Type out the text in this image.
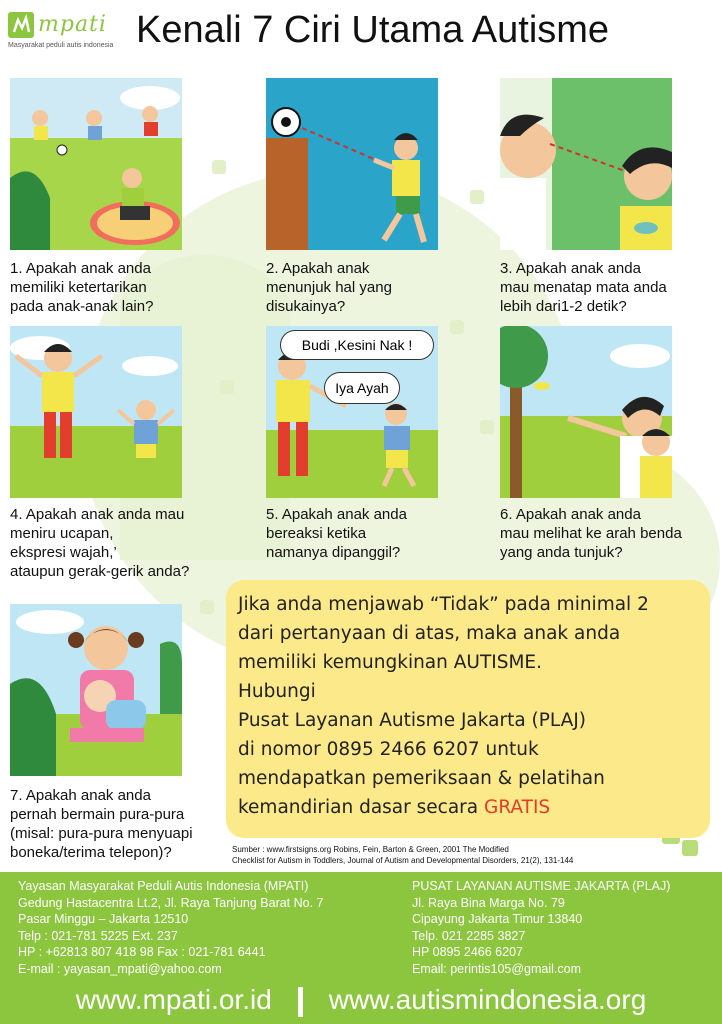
mpati
Masyarakat peduli autis indonesia Kenali 7 Ciri Utama Autisme
Budi ,Kesini Nak !
Iya Ayah
1. Apakah anak anda
memiliki ketertarikan
pada anak-anak lain?
2. Apakah anak
menunjuk hal yang
disukainya?
3. Apakah anak anda
mau menatap mata anda
lebih dari1-2 detik?
4. Apakah anak anda mau
meniru ucapan,
ekspresi wajah,’
ataupun gerak-gerik anda?
5. Apakah anak anda
bereaksi ketika
namanya dipanggil?
6. Apakah anak anda
mau melihat ke arah benda
yang anda tunjuk?
7. Apakah anak anda
pernah bermain pura-pura
(misal: pura-pura menyuapi
boneka/terima telepon)?

Jika anda menjawab “Tidak” pada minimal 2
dari pertanyaan di atas, maka anak anda
memiliki kemungkinan AUTISME.
Hubungi
Pusat Layanan Autisme Jakarta (PLAJ)
di nomor 0895 2466 6207 untuk
mendapatkan pemeriksaan & pelatihan
kemandirian dasar secara GRATIS

Sumber : www.firstsigns.org Robins, Fein, Barton & Green, 2001 The Modified
Checklist for Autism in Toddlers, Journal of Autism and Developmental Disorders, 21(2), 131-144
Yayasan Masyarakat Peduli Autis Indonesia (MPATI)
Gedung Hastacentra Lt.2, Jl. Raya Tanjung Barat No. 7
Pasar Minggu – Jakarta 12510
Telp : 021-781 5225 Ext. 237
HP : +62813 807 418 98 Fax : 021-781 6441
E-mail : yayasan_mpati@yahoo.com
PUSAT LAYANAN AUTISME JAKARTA (PLAJ)
Jl. Raya Bina Marga No. 79
Cipayung Jakarta Timur 13840
Telp. 021 2285 3827
HP 0895 2466 6207
Email: perintis105@gmail.com
www.mpati.or.id www.autismindonesia.org
